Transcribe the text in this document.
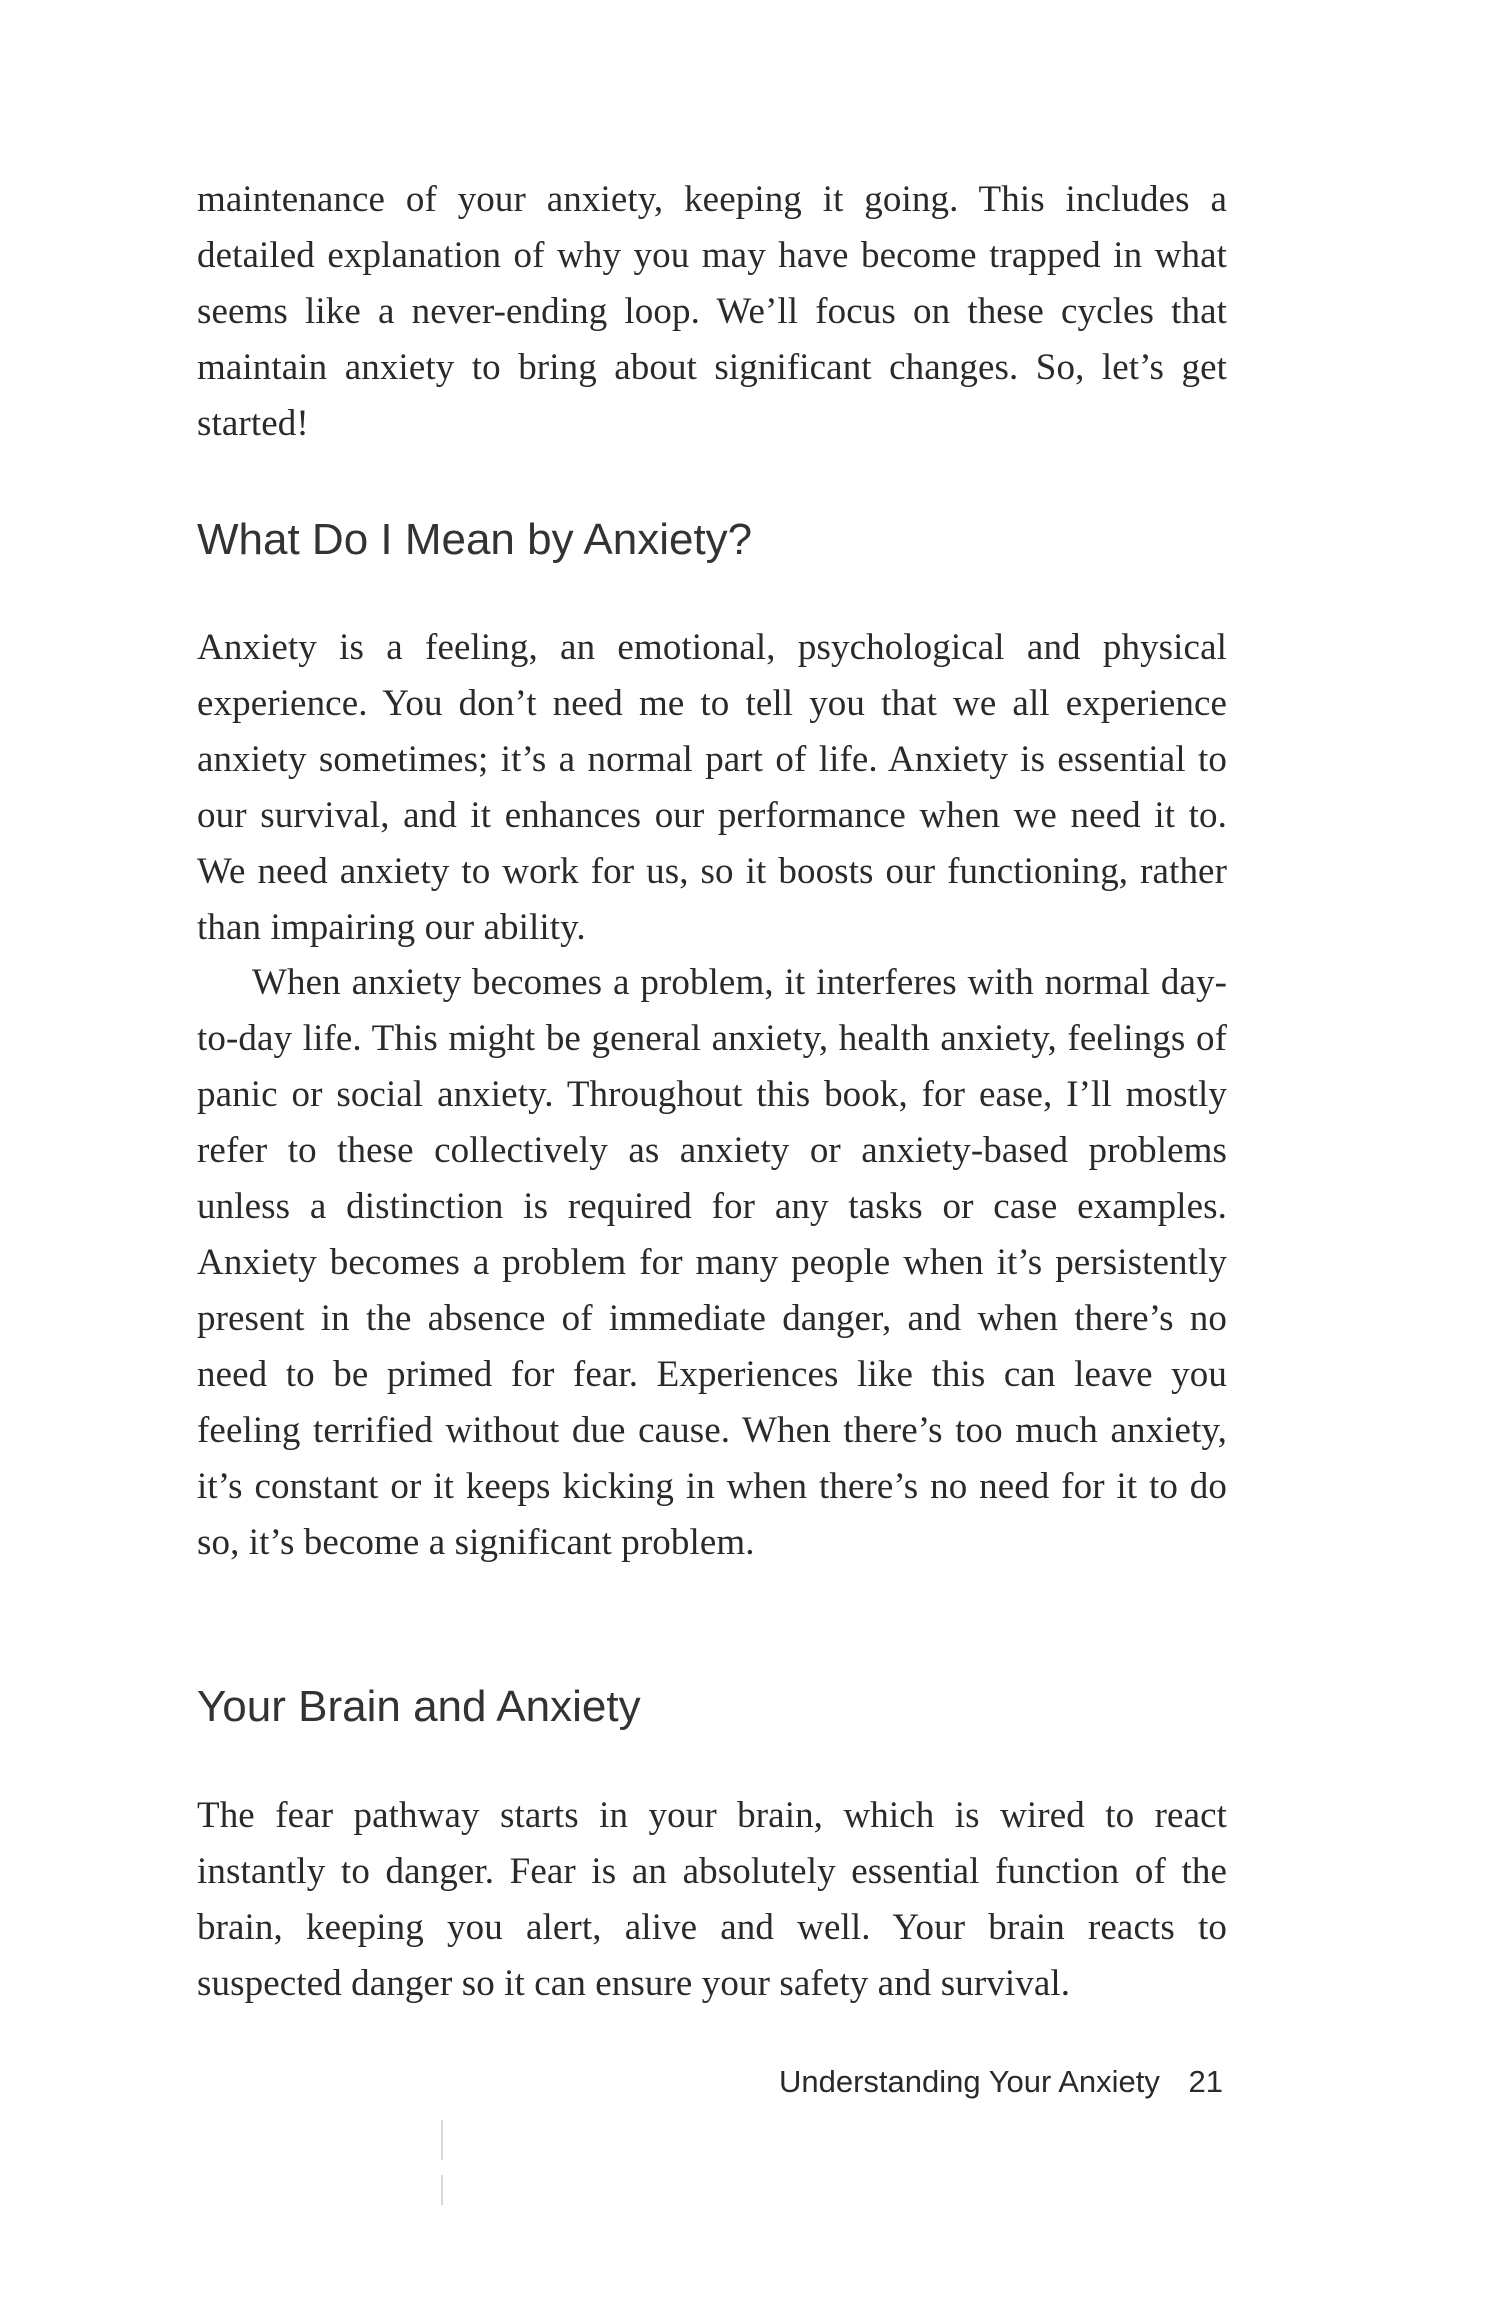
maintenance of your anxiety, keeping it going. This includes a detailed explanation of why you may have become trapped in what seems like a never-ending loop. We’ll focus on these cycles that maintain anxiety to bring about significant changes. So, let’s get started!

What Do I Mean by Anxiety?

Anxiety is a feeling, an emotional, psychological and physical experience. You don’t need me to tell you that we all experience anxiety sometimes; it’s a normal part of life. Anxiety is essential to our survival, and it enhances our performance when we need it to. We need anxiety to work for us, so it boosts our functioning, rather than impairing our ability.

When anxiety becomes a problem, it interferes with normal day-to-day life. This might be general anxiety, health anxiety, feelings of panic or social anxiety. Throughout this book, for ease, I’ll mostly refer to these collectively as anxiety or anxiety-based problems unless a distinction is required for any tasks or case examples. Anxiety becomes a problem for many people when it’s persistently present in the absence of immediate danger, and when there’s no need to be primed for fear. Experiences like this can leave you feeling terrified without due cause. When there’s too much anxiety, it’s constant or it keeps kicking in when there’s no need for it to do so, it’s become a significant problem.

Your Brain and Anxiety

The fear pathway starts in your brain, which is wired to react instantly to danger. Fear is an absolutely essential function of the brain, keeping you alert, alive and well. Your brain reacts to suspected danger so it can ensure your safety and survival.

Understanding Your Anxiety 21
